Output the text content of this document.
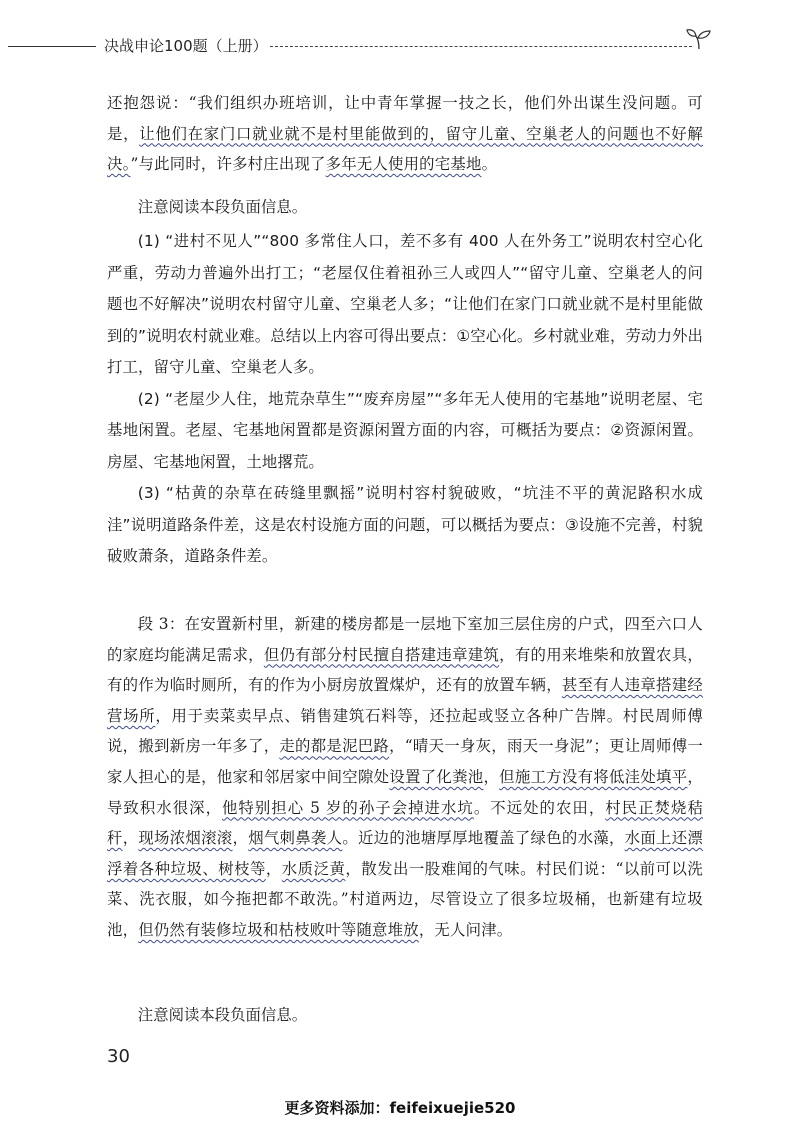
决战申论100题（上册）

还抱怨说：“我们组织办班培训，让中青年掌握一技之长，他们外出谋生没问题。可是，让他们在家门口就业就不是村里能做到的，留守儿童、空巢老人的问题也不好解决。”与此同时，许多村庄出现了多年无人使用的宅基地。

注意阅读本段负面信息。

(1) “进村不见人”“800 多常住人口，差不多有 400 人在外务工”说明农村空心化严重，劳动力普遍外出打工；“老屋仅住着祖孙三人或四人”“留守儿童、空巢老人的问题也不好解决”说明农村留守儿童、空巢老人多；“让他们在家门口就业就不是村里能做到的”说明农村就业难。总结以上内容可得出要点：①空心化。乡村就业难，劳动力外出打工，留守儿童、空巢老人多。

(2) “老屋少人住，地荒杂草生”“废弃房屋”“多年无人使用的宅基地”说明老屋、宅基地闲置。老屋、宅基地闲置都是资源闲置方面的内容，可概括为要点：②资源闲置。房屋、宅基地闲置，土地撂荒。

(3) “枯黄的杂草在砖缝里飘摇”说明村容村貌破败，“坑洼不平的黄泥路积水成洼”说明道路条件差，这是农村设施方面的问题，可以概括为要点：③设施不完善，村貌破败萧条，道路条件差。

段 3：在安置新村里，新建的楼房都是一层地下室加三层住房的户式，四至六口人的家庭均能满足需求，但仍有部分村民擅自搭建违章建筑，有的用来堆柴和放置农具，有的作为临时厕所，有的作为小厨房放置煤炉，还有的放置车辆，甚至有人违章搭建经营场所，用于卖菜卖早点、销售建筑石料等，还拉起或竖立各种广告牌。村民周师傅说，搬到新房一年多了，走的都是泥巴路，“晴天一身灰，雨天一身泥”；更让周师傅一家人担心的是，他家和邻居家中间空隙处设置了化粪池，但施工方没有将低洼处填平，导致积水很深，他特别担心 5 岁的孙子会掉进水坑。不远处的农田，村民正焚烧秸秆，现场浓烟滚滚，烟气刺鼻袭人。近边的池塘厚厚地覆盖了绿色的水藻，水面上还漂浮着各种垃圾、树枝等，水质泛黄，散发出一股难闻的气味。村民们说：“以前可以洗菜、洗衣服，如今拖把都不敢洗。”村道两边，尽管设立了很多垃圾桶，也新建有垃圾池，但仍然有装修垃圾和枯枝败叶等随意堆放，无人问津。

注意阅读本段负面信息。
30
更多资料添加：feifeixuejie520
